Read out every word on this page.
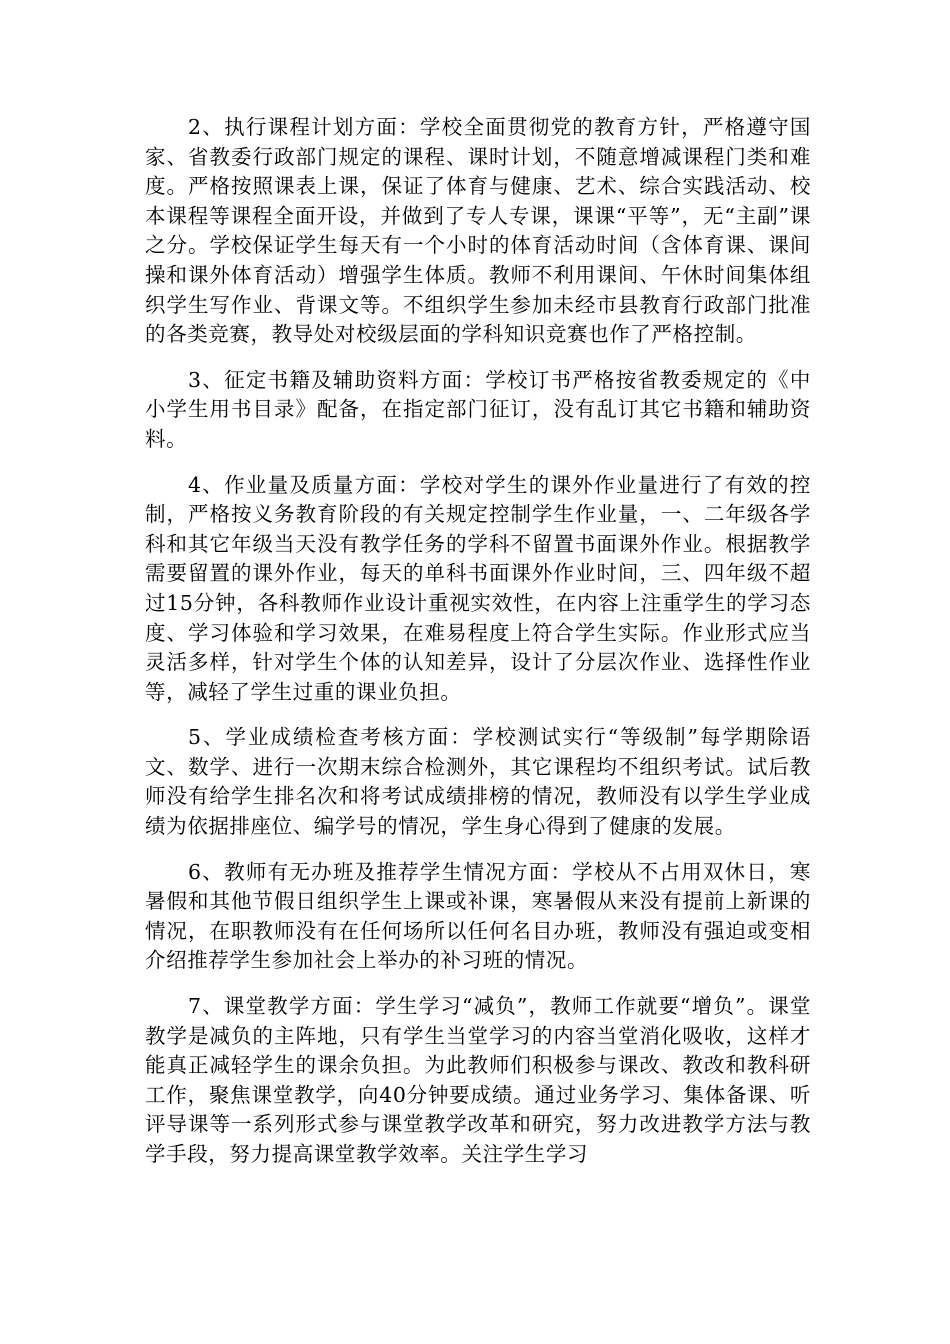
2、执行课程计划方面：学校全面贯彻党的教育方针，严格遵守国家、省教委行政部门规定的课程、课时计划，不随意增减课程门类和难度。严格按照课表上课，保证了体育与健康、艺术、综合实践活动、校本课程等课程全面开设，并做到了专人专课，课课“平等”，无“主副”课之分。学校保证学生每天有一个小时的体育活动时间（含体育课、课间操和课外体育活动）增强学生体质。教师不利用课间、午休时间集体组织学生写作业、背课文等。不组织学生参加未经市县教育行政部门批准的各类竞赛，教导处对校级层面的学科知识竞赛也作了严格控制。

3、征定书籍及辅助资料方面：学校订书严格按省教委规定的《中小学生用书目录》配备，在指定部门征订，没有乱订其它书籍和辅助资料。

4、作业量及质量方面：学校对学生的课外作业量进行了有效的控制，严格按义务教育阶段的有关规定控制学生作业量，一、二年级各学科和其它年级当天没有教学任务的学科不留置书面课外作业。根据教学需要留置的课外作业，每天的单科书面课外作业时间，三、四年级不超过15分钟，各科教师作业设计重视实效性，在内容上注重学生的学习态度、学习体验和学习效果，在难易程度上符合学生实际。作业形式应当灵活多样，针对学生个体的认知差异，设计了分层次作业、选择性作业等，减轻了学生过重的课业负担。

5、学业成绩检查考核方面：学校测试实行“等级制”每学期除语文、数学、进行一次期末综合检测外，其它课程均不组织考试。试后教师没有给学生排名次和将考试成绩排榜的情况，教师没有以学生学业成绩为依据排座位、编学号的情况，学生身心得到了健康的发展。

6、教师有无办班及推荐学生情况方面：学校从不占用双休日，寒暑假和其他节假日组织学生上课或补课，寒暑假从来没有提前上新课的情况，在职教师没有在任何场所以任何名目办班，教师没有强迫或变相介绍推荐学生参加社会上举办的补习班的情况。

7、课堂教学方面：学生学习“减负”，教师工作就要“增负”。课堂教学是减负的主阵地，只有学生当堂学习的内容当堂消化吸收，这样才能真正减轻学生的课余负担。为此教师们积极参与课改、教改和教科研工作，聚焦课堂教学，向40分钟要成绩。通过业务学习、集体备课、听评导课等一系列形式参与课堂教学改革和研究，努力改进教学方法与教学手段，努力提高课堂教学效率。关注学生学习
